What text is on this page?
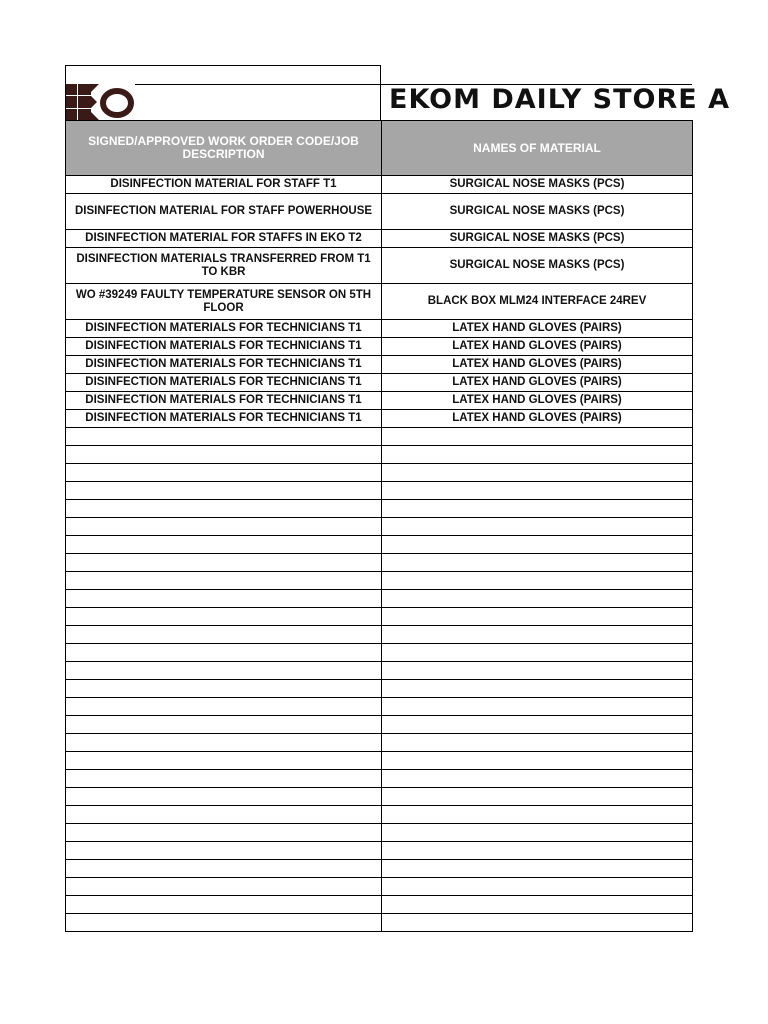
EKOM DAILY STORE A
SIGNED/APPROVED WORK ORDER CODE/JOB DESCRIPTION	NAMES OF MATERIAL
DISINFECTION MATERIAL FOR STAFF T1	SURGICAL NOSE MASKS (PCS)
DISINFECTION MATERIAL FOR STAFF POWERHOUSE	SURGICAL NOSE MASKS (PCS)
DISINFECTION MATERIAL FOR STAFFS IN EKO T2	SURGICAL NOSE MASKS (PCS)
DISINFECTION MATERIALS TRANSFERRED FROM T1 TO KBR	SURGICAL NOSE MASKS (PCS)
WO #39249 FAULTY TEMPERATURE SENSOR ON 5TH FLOOR	BLACK BOX MLM24 INTERFACE 24REV
DISINFECTION MATERIALS FOR TECHNICIANS T1	LATEX HAND GLOVES (PAIRS)
DISINFECTION MATERIALS FOR TECHNICIANS T1	LATEX HAND GLOVES (PAIRS)
DISINFECTION MATERIALS FOR TECHNICIANS T1	LATEX HAND GLOVES (PAIRS)
DISINFECTION MATERIALS FOR TECHNICIANS T1	LATEX HAND GLOVES (PAIRS)
DISINFECTION MATERIALS FOR TECHNICIANS T1	LATEX HAND GLOVES (PAIRS)
DISINFECTION MATERIALS FOR TECHNICIANS T1	LATEX HAND GLOVES (PAIRS)
